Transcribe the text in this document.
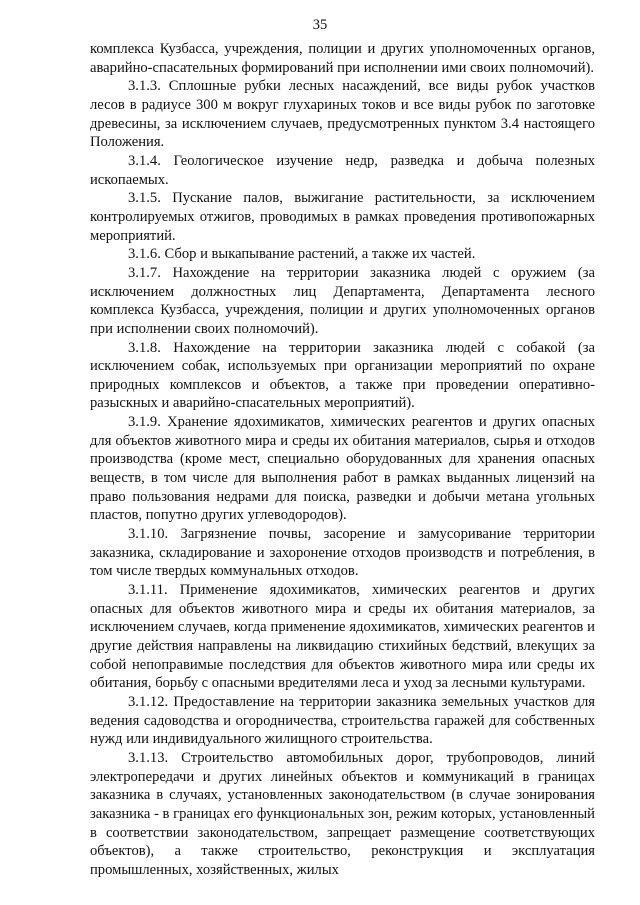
35

комплекса Кузбасса, учреждения, полиции и других уполномоченных органов, аварийно-спасательных формирований при исполнении ими своих полномочий).

3.1.3. Сплошные рубки лесных насаждений, все виды рубок участков лесов в радиусе 300 м вокруг глухариных токов и все виды рубок по заготовке древесины, за исключением случаев, предусмотренных пунктом 3.4 настоящего Положения.

3.1.4. Геологическое изучение недр, разведка и добыча полезных ископаемых.

3.1.5. Пускание палов, выжигание растительности, за исключением контролируемых отжигов, проводимых в рамках проведения противопожарных мероприятий.

3.1.6. Сбор и выкапывание растений, а также их частей.

3.1.7. Нахождение на территории заказника людей с оружием (за исключением должностных лиц Департамента, Департамента лесного комплекса Кузбасса, учреждения, полиции и других уполномоченных органов при исполнении своих полномочий).

3.1.8. Нахождение на территории заказника людей с собакой (за исключением собак, используемых при организации мероприятий по охране природных комплексов и объектов, а также при проведении оперативно-разыскных и аварийно-спасательных мероприятий).

3.1.9. Хранение ядохимикатов, химических реагентов и других опасных для объектов животного мира и среды их обитания материалов, сырья и отходов производства (кроме мест, специально оборудованных для хранения опасных веществ, в том числе для выполнения работ в рамках выданных лицензий на право пользования недрами для поиска, разведки и добычи метана угольных пластов, попутно других углеводородов).

3.1.10. Загрязнение почвы, засорение и замусоривание территории заказника, складирование и захоронение отходов производств и потребления, в том числе твердых коммунальных отходов.

3.1.11. Применение ядохимикатов, химических реагентов и других опасных для объектов животного мира и среды их обитания материалов, за исключением случаев, когда применение ядохимикатов, химических реагентов и другие действия направлены на ликвидацию стихийных бедствий, влекущих за собой непоправимые последствия для объектов животного мира или среды их обитания, борьбу с опасными вредителями леса и уход за лесными культурами.

3.1.12. Предоставление на территории заказника земельных участков для ведения садоводства и огородничества, строительства гаражей для собственных нужд или индивидуального жилищного строительства.

3.1.13. Строительство автомобильных дорог, трубопроводов, линий электропередачи и других линейных объектов и коммуникаций в границах заказника в случаях, установленных законодательством (в случае зонирования заказника - в границах его функциональных зон, режим которых, установленный в соответствии законодательством, запрещает размещение соответствующих объектов), а также строительство, реконструкция и эксплуатация промышленных, хозяйственных, жилых
